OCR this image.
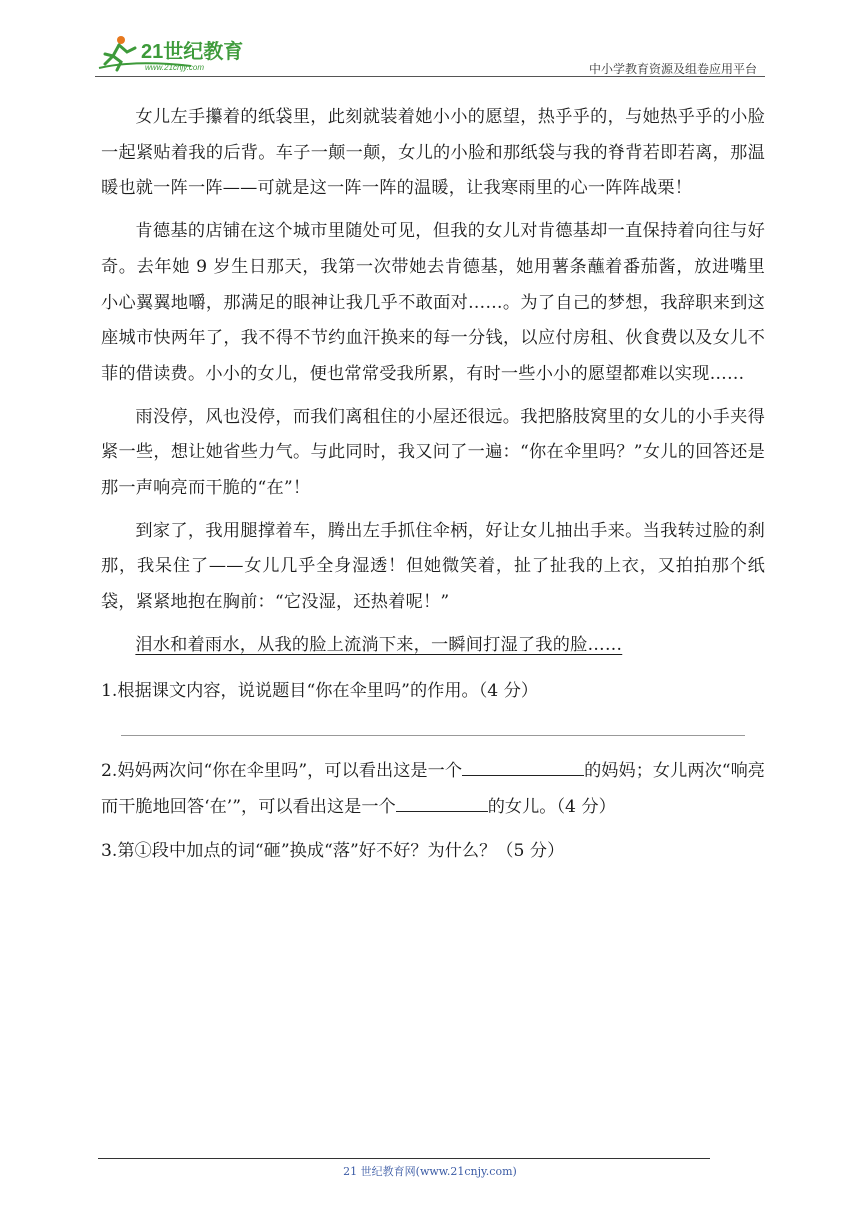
21世纪教育
www.21cnjy.com	中小学教育资源及组卷应用平台

女儿左手攥着的纸袋里，此刻就装着她小小的愿望，热乎乎的，与她热乎乎的小脸一起紧贴着我的后背。车子一颠一颠，女儿的小脸和那纸袋与我的脊背若即若离，那温暖也就一阵一阵——可就是这一阵一阵的温暖，让我寒雨里的心一阵阵战栗！

肯德基的店铺在这个城市里随处可见，但我的女儿对肯德基却一直保持着向往与好奇。去年她 9 岁生日那天，我第一次带她去肯德基，她用薯条蘸着番茄酱，放进嘴里小心翼翼地嚼，那满足的眼神让我几乎不敢面对……。为了自己的梦想，我辞职来到这座城市快两年了，我不得不节约血汗换来的每一分钱，以应付房租、伙食费以及女儿不菲的借读费。小小的女儿，便也常常受我所累，有时一些小小的愿望都难以实现……

雨没停，风也没停，而我们离租住的小屋还很远。我把胳肢窝里的女儿的小手夹得紧一些，想让她省些力气。与此同时，我又问了一遍：“你在伞里吗？”女儿的回答还是那一声响亮而干脆的“在”！

到家了，我用腿撑着车，腾出左手抓住伞柄，好让女儿抽出手来。当我转过脸的刹那，我呆住了——女儿几乎全身湿透！但她微笑着，扯了扯我的上衣，又拍拍那个纸袋，紧紧地抱在胸前：“它没湿，还热着呢！”

泪水和着雨水，从我的脸上流淌下来，一瞬间打湿了我的脸……

1.根据课文内容，说说题目“你在伞里吗”的作用。（4 分）

2.妈妈两次问“你在伞里吗”，可以看出这是一个	的妈妈；女儿两次“响亮而干脆地回答‘在’”，可以看出这是一个	的女儿。（4 分）

3.第①段中加点的词“砸”换成“落”好不好？为什么？（5 分）

21 世纪教育网(www.21cnjy.com)
